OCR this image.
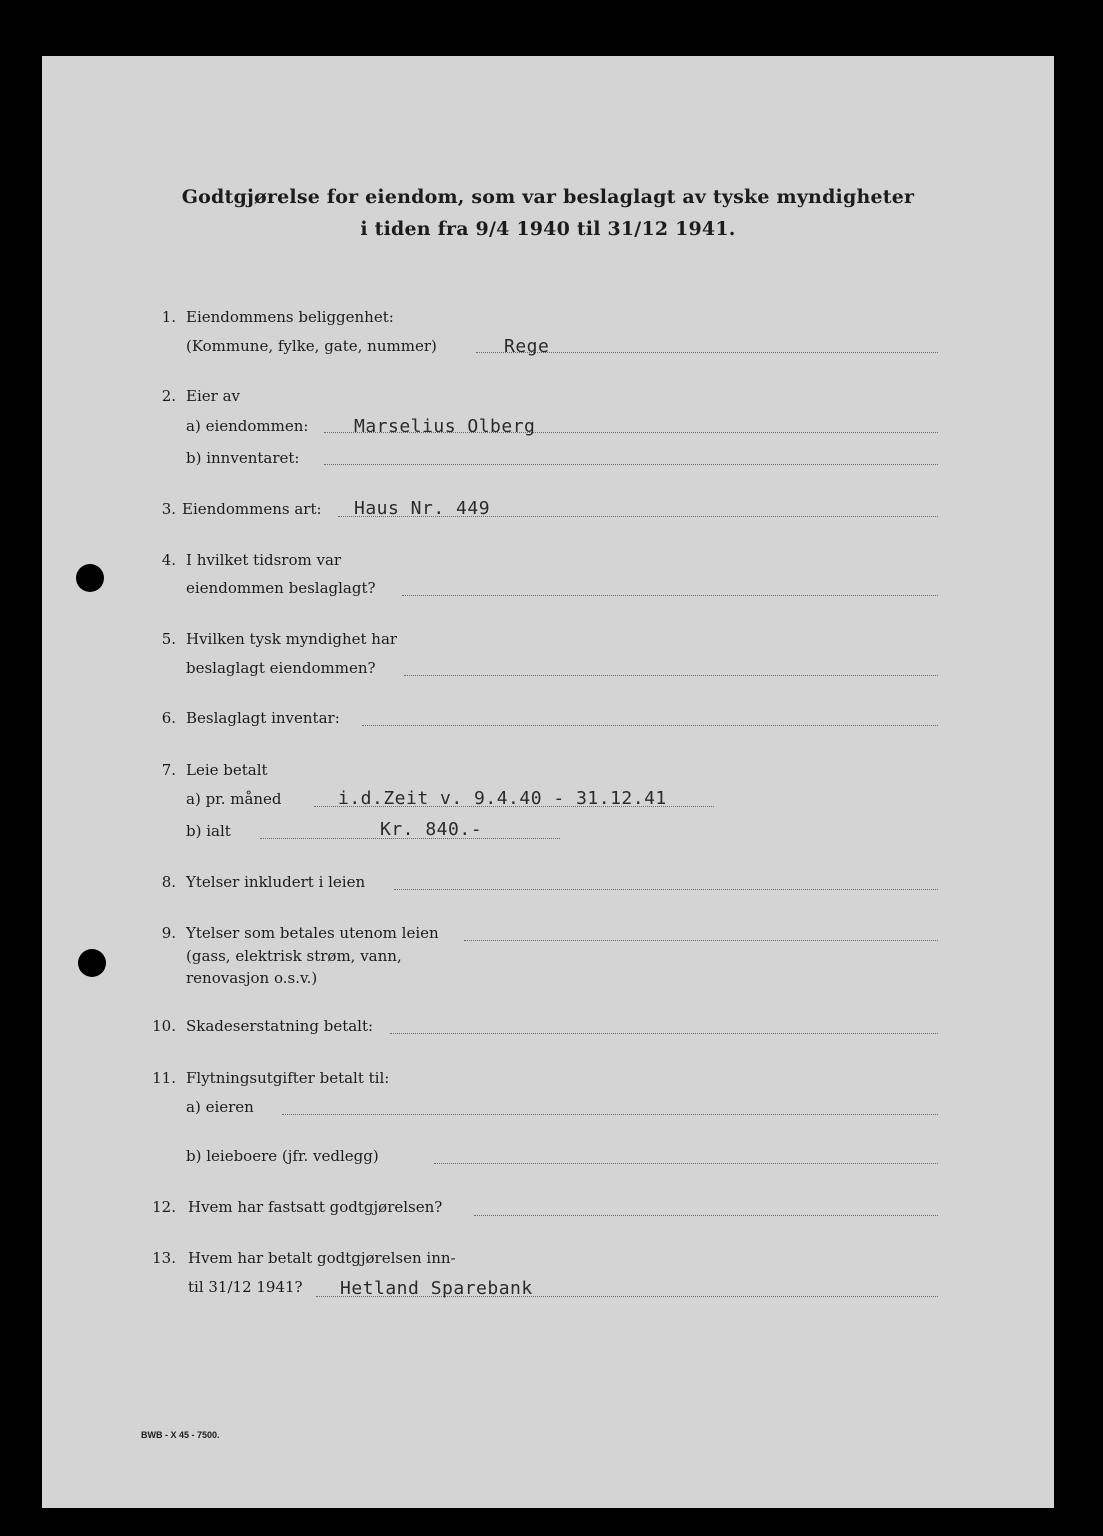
Godtgjørelse for eiendom, som var beslaglagt av tyske myndigheter
i tiden fra 9/4 1940 til 31/12 1941.
1. Eiendommens beliggenhet:
(Kommune, fylke, gate, nummer)	Rege
2. Eier av
a) eiendommen:	Marselius Olberg
b) innventaret:
3. Eiendommens art: Haus Nr. 449
4. I hvilket tidsrom var
eiendommen beslaglagt?
5. Hvilken tysk myndighet har
beslaglagt eiendommen?
6. Beslaglagt inventar:
7. Leie betalt
a) pr. måned	i.d.Zeit v. 9.4.40 - 31.12.41
b) ialt	Kr. 840.-
8. Ytelser inkludert i leien
9. Ytelser som betales utenom leien
(gass, elektrisk strøm, vann,
renovasjon o.s.v.)
10. Skadeserstatning betalt:
11. Flytningsutgifter betalt til:
a) eieren
b) leieboere (jfr. vedlegg)
12. Hvem har fastsatt godtgjørelsen?
13. Hvem har betalt godtgjørelsen inn-
til 31/12 1941? Hetland Sparebank
BWB - X 45 - 7500.
